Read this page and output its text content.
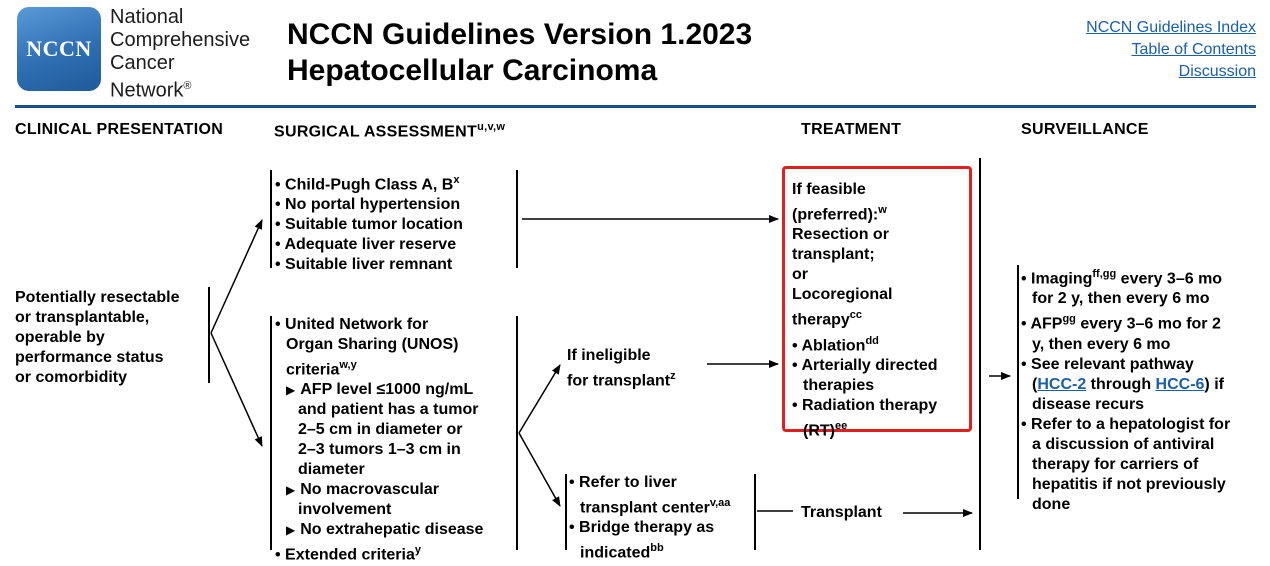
NCCN
National
Comprehensive
Cancer
Network®
NCCN Guidelines Version 1.2023
Hepatocellular Carcinoma
NCCN Guidelines Index
Table of Contents
Discussion
CLINICAL PRESENTATION	SURGICAL ASSESSMENT$^{u,v,w}$	TREATMENT	SURVEILLANCE
Potentially resectable
or transplantable,
operable by
performance status
or comorbidity
• Child-Pugh Class A, $B^x$
• No portal hypertension
• Suitable tumor location
• Adequate liver reserve
• Suitable liver remnant
• United Network for
Organ Sharing (UNOS)
criteria$^{w,y}$
▶ AFP level ≤1000 ng/mL
and patient has a tumor
2–5 cm in diameter or
2–3 tumors 1–3 cm in
diameter
▶ No macrovascular
involvement
▶ No extrahepatic disease
• Extended criteria$^y$
If ineligible
for transplant$^z$
• Refer to liver
transplant center$^{v,aa}$
• Bridge therapy as
indicated$^{bb}$
If feasible
(preferred):$^w$
Resection or
transplant;
or
Locoregional
therapy$^{cc}$
• Ablation$^{dd}$
• Arterially directed
therapies
• Radiation therapy
(RT)$^{ee}$
Transplant
• Imaging$^{ff,gg}$ every 3–6 mo
for 2 y, then every 6 mo
• $AFP^{gg}$ every 3–6 mo for 2
y, then every 6 mo
• See relevant pathway
(HCC-2 through HCC-6) if
disease recurs
• Refer to a hepatologist for
a discussion of antiviral
therapy for carriers of
hepatitis if not previously
done
